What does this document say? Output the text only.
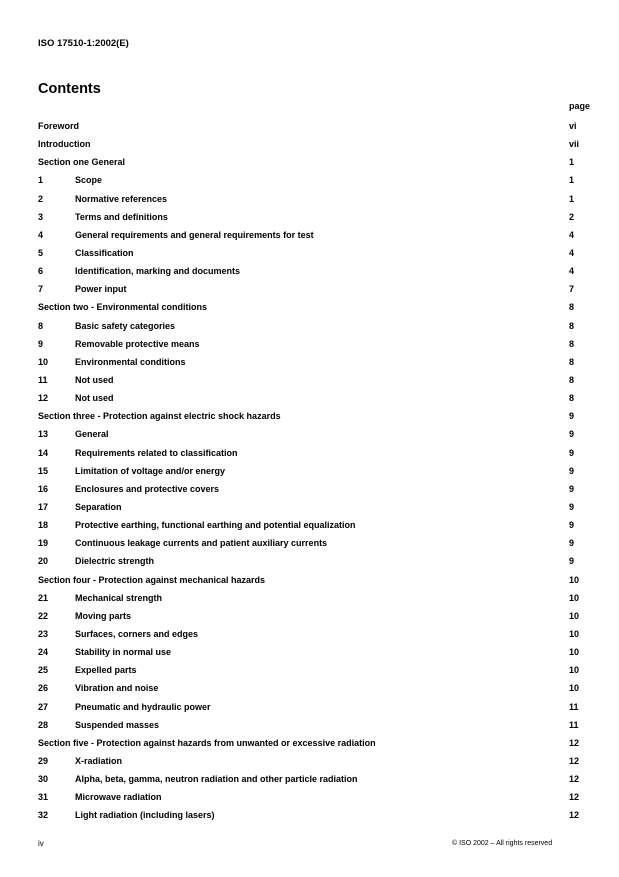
ISO 17510-1:2002(E)
Contents
page
Foreword	vi
Introduction	vii
Section one General	1
1	Scope	1
2	Normative references	1
3	Terms and definitions	2
4	General requirements and general requirements for test	4
5	Classification	4
6	Identification, marking and documents	4
7	Power input	7
Section two - Environmental conditions	8
8	Basic safety categories	8
9	Removable protective means	8
10	Environmental conditions	8
11	Not used	8
12	Not used	8
Section three - Protection against electric shock hazards	9
13	General	9
14	Requirements related to classification	9
15	Limitation of voltage and/or energy	9
16	Enclosures and protective covers	9
17	Separation	9
18	Protective earthing, functional earthing and potential equalization	9
19	Continuous leakage currents and patient auxiliary currents	9
20	Dielectric strength	9
Section four - Protection against mechanical hazards	10
21	Mechanical strength	10
22	Moving parts	10
23	Surfaces, corners and edges	10
24	Stability in normal use	10
25	Expelled parts	10
26	Vibration and noise	10
27	Pneumatic and hydraulic power	11
28	Suspended masses	11
Section five - Protection against hazards from unwanted or excessive radiation	12
29	X-radiation	12
30	Alpha, beta, gamma, neutron radiation and other particle radiation	12
31	Microwave radiation	12
32	Light radiation (including lasers)	12
iv	© ISO 2002 – All rights reserved
